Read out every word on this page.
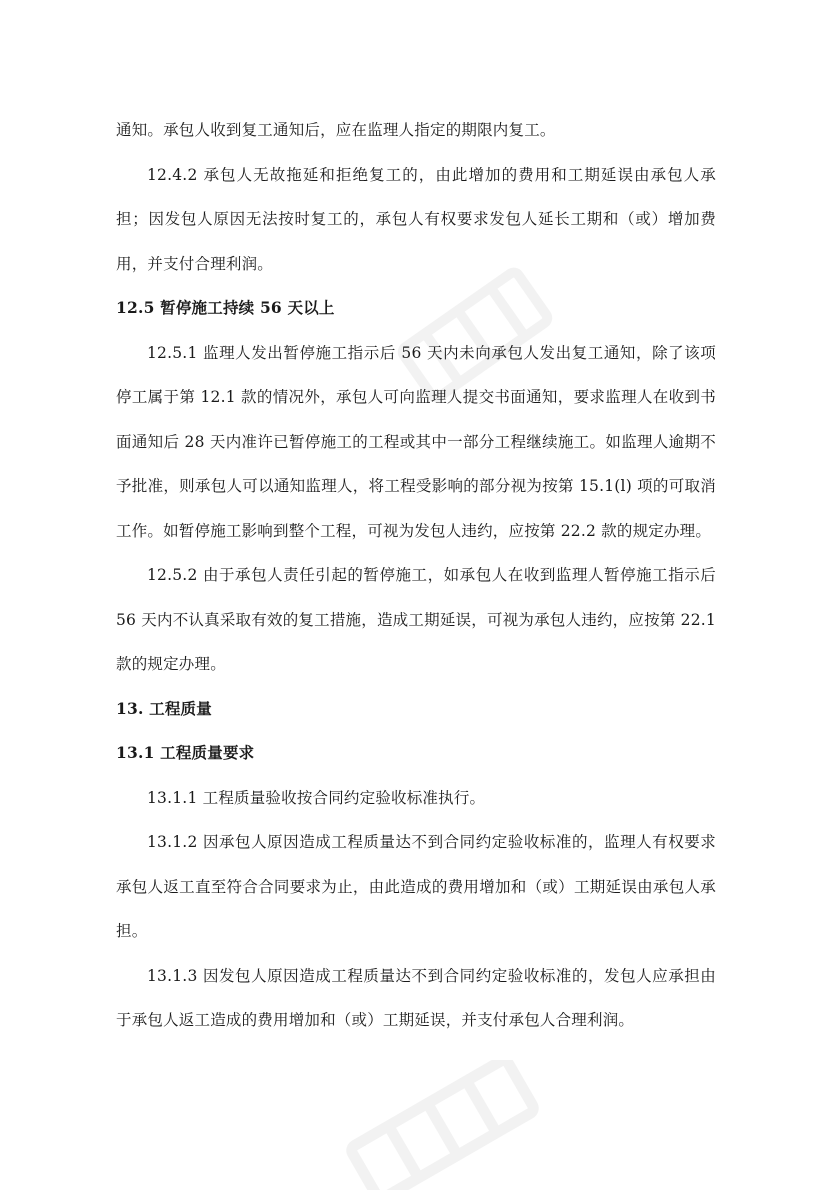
通知。承包人收到复工通知后，应在监理人指定的期限内复工。

12.4.2 承包人无故拖延和拒绝复工的，由此增加的费用和工期延误由承包人承担；因发包人原因无法按时复工的，承包人有权要求发包人延长工期和（或）增加费用，并支付合理利润。

12.5 暂停施工持续 56 天以上

12.5.1 监理人发出暂停施工指示后 56 天内未向承包人发出复工通知，除了该项停工属于第 12.1 款的情况外，承包人可向监理人提交书面通知，要求监理人在收到书面通知后 28 天内准许已暂停施工的工程或其中一部分工程继续施工。如监理人逾期不予批准，则承包人可以通知监理人，将工程受影响的部分视为按第 15.1(l) 项的可取消工作。如暂停施工影响到整个工程，可视为发包人违约，应按第 22.2 款的规定办理。

12.5.2 由于承包人责任引起的暂停施工，如承包人在收到监理人暂停施工指示后 56 天内不认真采取有效的复工措施，造成工期延误，可视为承包人违约，应按第 22.1 款的规定办理。

13. 工程质量

13.1 工程质量要求

13.1.1 工程质量验收按合同约定验收标准执行。

13.1.2 因承包人原因造成工程质量达不到合同约定验收标准的，监理人有权要求承包人返工直至符合合同要求为止，由此造成的费用增加和（或）工期延误由承包人承担。

13.1.3 因发包人原因造成工程质量达不到合同约定验收标准的，发包人应承担由于承包人返工造成的费用增加和（或）工期延误，并支付承包人合理利润。
